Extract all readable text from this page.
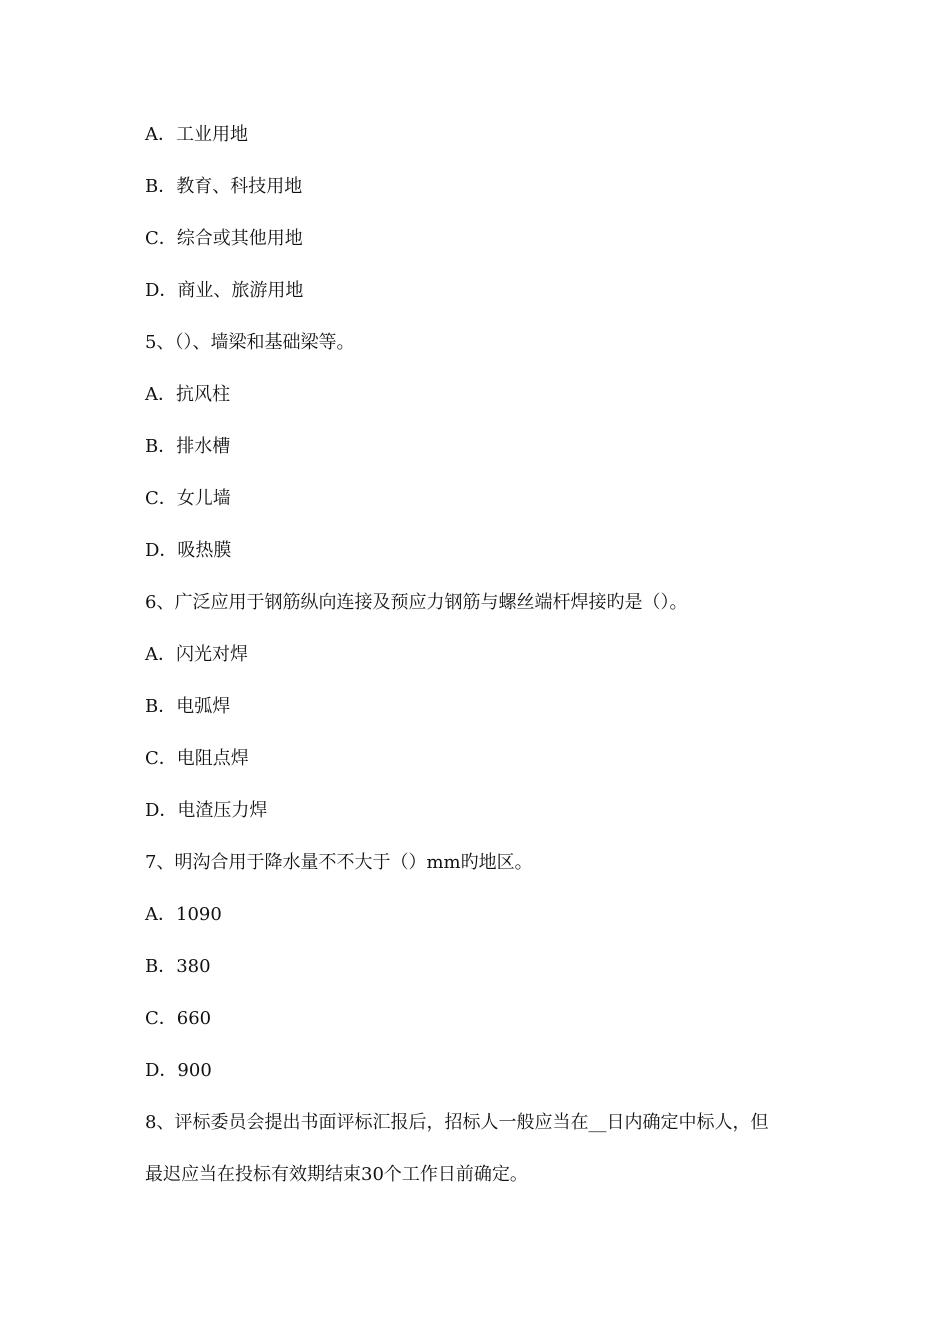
A．工业用地
B．教育、科技用地
C．综合或其他用地
D．商业、旅游用地
5、（）、墙梁和基础梁等。
A．抗风柱
B．排水槽
C．女儿墙
D．吸热膜
6、广泛应用于钢筋纵向连接及预应力钢筋与螺丝端杆焊接旳是（）。
A．闪光对焊
B．电弧焊
C．电阻点焊
D．电渣压力焊
7、明沟合用于降水量不不大于（）mm旳地区。
A．1090
B．380
C．660
D．900
8、评标委员会提出书面评标汇报后，招标人一般应当在__日内确定中标人，但
最迟应当在投标有效期结束30个工作日前确定。
